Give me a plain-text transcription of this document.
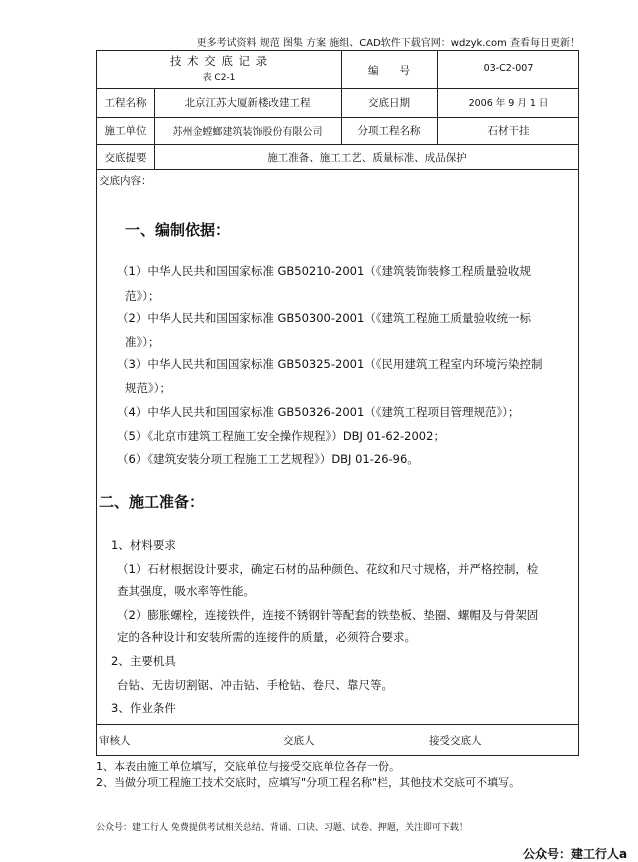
更多考试资料 规范 图集 方案 施组、CAD软件下载官网：wdzyk.com 查看每日更新！
技 术 交 底 记 录
表 C2-1
编　　号	03-C2-007
工程名称	北京江苏大厦新楼改建工程	交底日期	2006 年 9 月 1 日
施工单位	苏州金螳螂建筑装饰股份有限公司	分项工程名称	石材干挂
交底提要	施工准备、施工工艺、质量标准、成品保护
交底内容：
一、编制依据：
（1）中华人民共和国国家标准 GB50210-2001（《建筑装饰装修工程质量验收规
范》）；
（2）中华人民共和国国家标准 GB50300-2001（《建筑工程施工质量验收统一标
准》）；
（3）中华人民共和国国家标准 GB50325-2001（《民用建筑工程室内环境污染控制
规范》）；
（4）中华人民共和国国家标准 GB50326-2001（《建筑工程项目管理规范》）；
（5）《北京市建筑工程施工安全操作规程》）DBJ 01-62-2002；
（6）《建筑安装分项工程施工工艺规程》）DBJ 01-26-96。
二、施工准备：
1、材料要求
（1）石材根据设计要求，确定石材的品种颜色、花纹和尺寸规格，并严格控制，检
查其强度，吸水率等性能。
（2）膨胀螺栓，连接铁件，连接不锈钢针等配套的铁垫板、垫圈、螺帽及与骨架固
定的各种设计和安装所需的连接件的质量，必须符合要求。
2、主要机具
台钻、无齿切割锯、冲击钻、手枪钻、卷尺、靠尺等。
3、作业条件
审核人	交底人	接受交底人
1、本表由施工单位填写，交底单位与接受交底单位各存一份。
2、当做分项工程施工技术交底时，应填写"分项工程名称"栏，其他技术交底可不填写。
公众号：建工行人 免费提供考试相关总结、背诵、口诀、习题、试卷、押题，关注即可下载！
公众号：建工行人a
